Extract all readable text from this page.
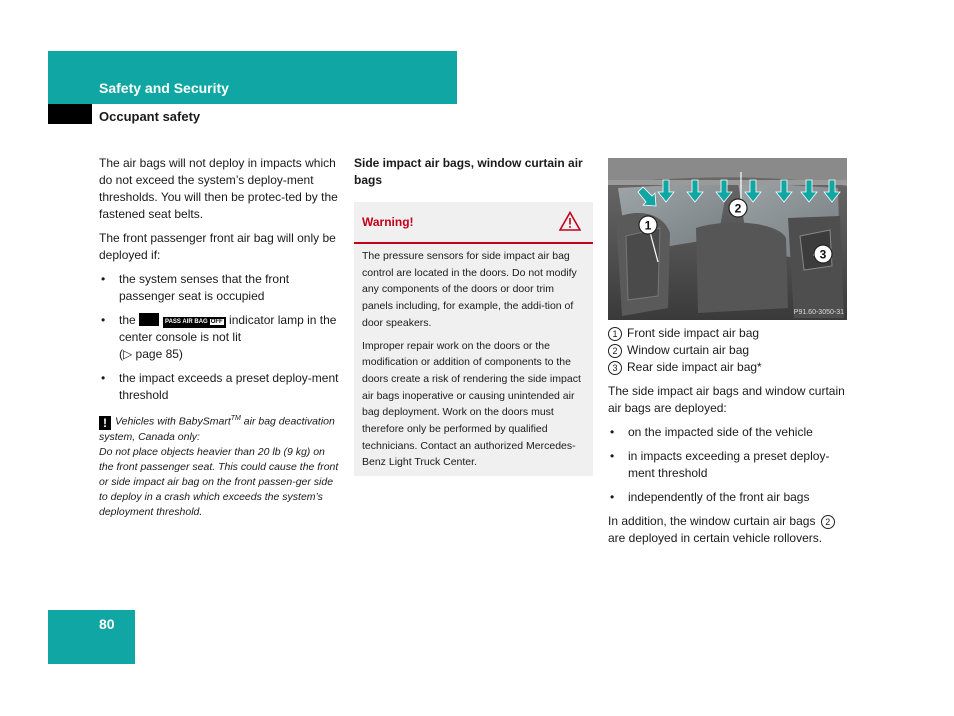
Safety and Security
Occupant safety

The air bags will not deploy in impacts which do not exceed the system’s deploy-ment thresholds. You will then be protec-ted by the fastened seat belts.

The front passenger front air bag will only be deployed if:

• the system senses that the front passenger seat is occupied
• the	PASS AIR BAG OFF indicator lamp in the center console is not lit
(▷ page 85)
• the impact exceeds a preset deploy-ment threshold
! Vehicles with BabySmart™ air bag deactivation system, Canada only:
Do not place objects heavier than 20 lb (9 kg) on the front passenger seat. This could cause the front or side impact air bag on the front passen-ger side to deploy in a crash which exceeds the system’s deployment threshold.
Side impact air bags, window curtain air bags
Warning!

The pressure sensors for side impact air bag control are located in the doors. Do not modify any components of the doors or door trim panels including, for example, the addi-tion of door speakers.

Improper repair work on the doors or the modification or addition of components to the doors create a risk of rendering the side impact air bags inoperative or causing unintended air bag deployment. Work on the doors must therefore only be performed by qualified technicians. Contact an authorized Mercedes-Benz Light Truck Center.

1
2
3
P91.60-3050-31
1 Front side impact air bag
2 Window curtain air bag
3 Rear side impact air bag*

The side impact air bags and window curtain air bags are deployed:

• on the impacted side of the vehicle
• in impacts exceeding a preset deploy-ment threshold
• independently of the front air bags

In addition, the window curtain air bags 2are deployed in certain vehicle rollovers.

80
